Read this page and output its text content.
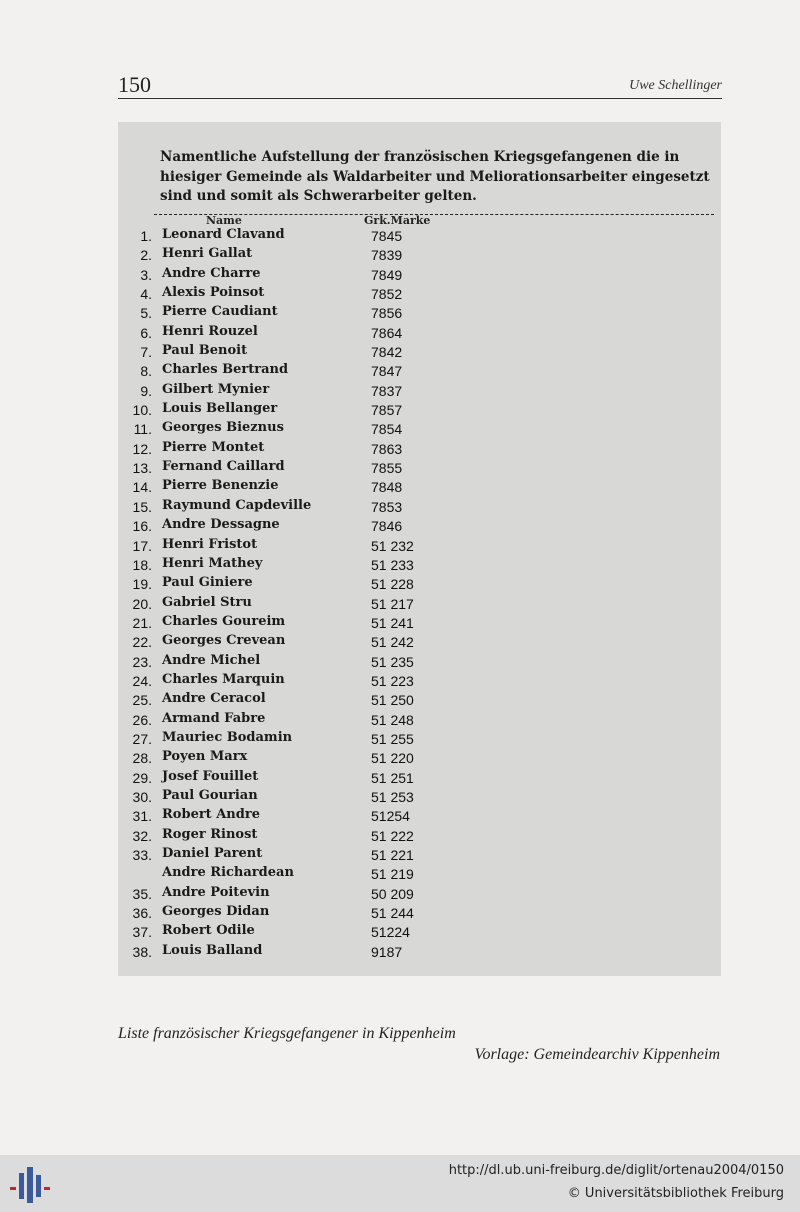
150	Uwe Schellinger

Namentliche Aufstellung der französischen Kriegsgefangenen die in hiesiger Gemeinde als Waldarbeiter und Meliorationsarbeiter eingesetzt sind und somit als Schwerarbeiter gelten.

Name	Grk.Marke
1. Leonard Clavand	7845
2. Henri Gallat	7839
3. Andre Charre	7849
4. Alexis Poinsot	7852
5. Pierre Caudiant	7856
6. Henri Rouzel	7864
7. Paul Benoit	7842
8. Charles Bertrand	7847
9. Gilbert Mynier	7837
10. Louis Bellanger	7857
11. Georges Bieznus	7854
12. Pierre Montet	7863
13. Fernand Caillard	7855
14. Pierre Benenzie	7848
15. Raymund Capdeville	7853
16. Andre Dessagne	7846
17. Henri Fristot	51 232
18. Henri Mathey	51 233
19. Paul Giniere	51 228
20. Gabriel Stru	51 217
21. Charles Goureim	51 241
22. Georges Crevean	51 242
23. Andre Michel	51 235
24. Charles Marquin	51 223
25. Andre Ceracol	51 250
26. Armand Fabre	51 248
27. Mauriec Bodamin	51 255
28. Poyen Marx	51 220
29. Josef Fouillet	51 251
30. Paul Gourian	51 253
31. Robert Andre	51254
32. Roger Rinost	51 222
33. Daniel Parent	51 221
Andre Richardean	51 219
35. Andre Poitevin	50 209
36. Georges Didan	51 244
37. Robert Odile	51224
38. Louis Balland	9187
Liste französischer Kriegsgefangener in Kippenheim
Vorlage: Gemeindearchiv Kippenheim
http://dl.ub.uni-freiburg.de/diglit/ortenau2004/0150
© Universitätsbibliothek Freiburg
